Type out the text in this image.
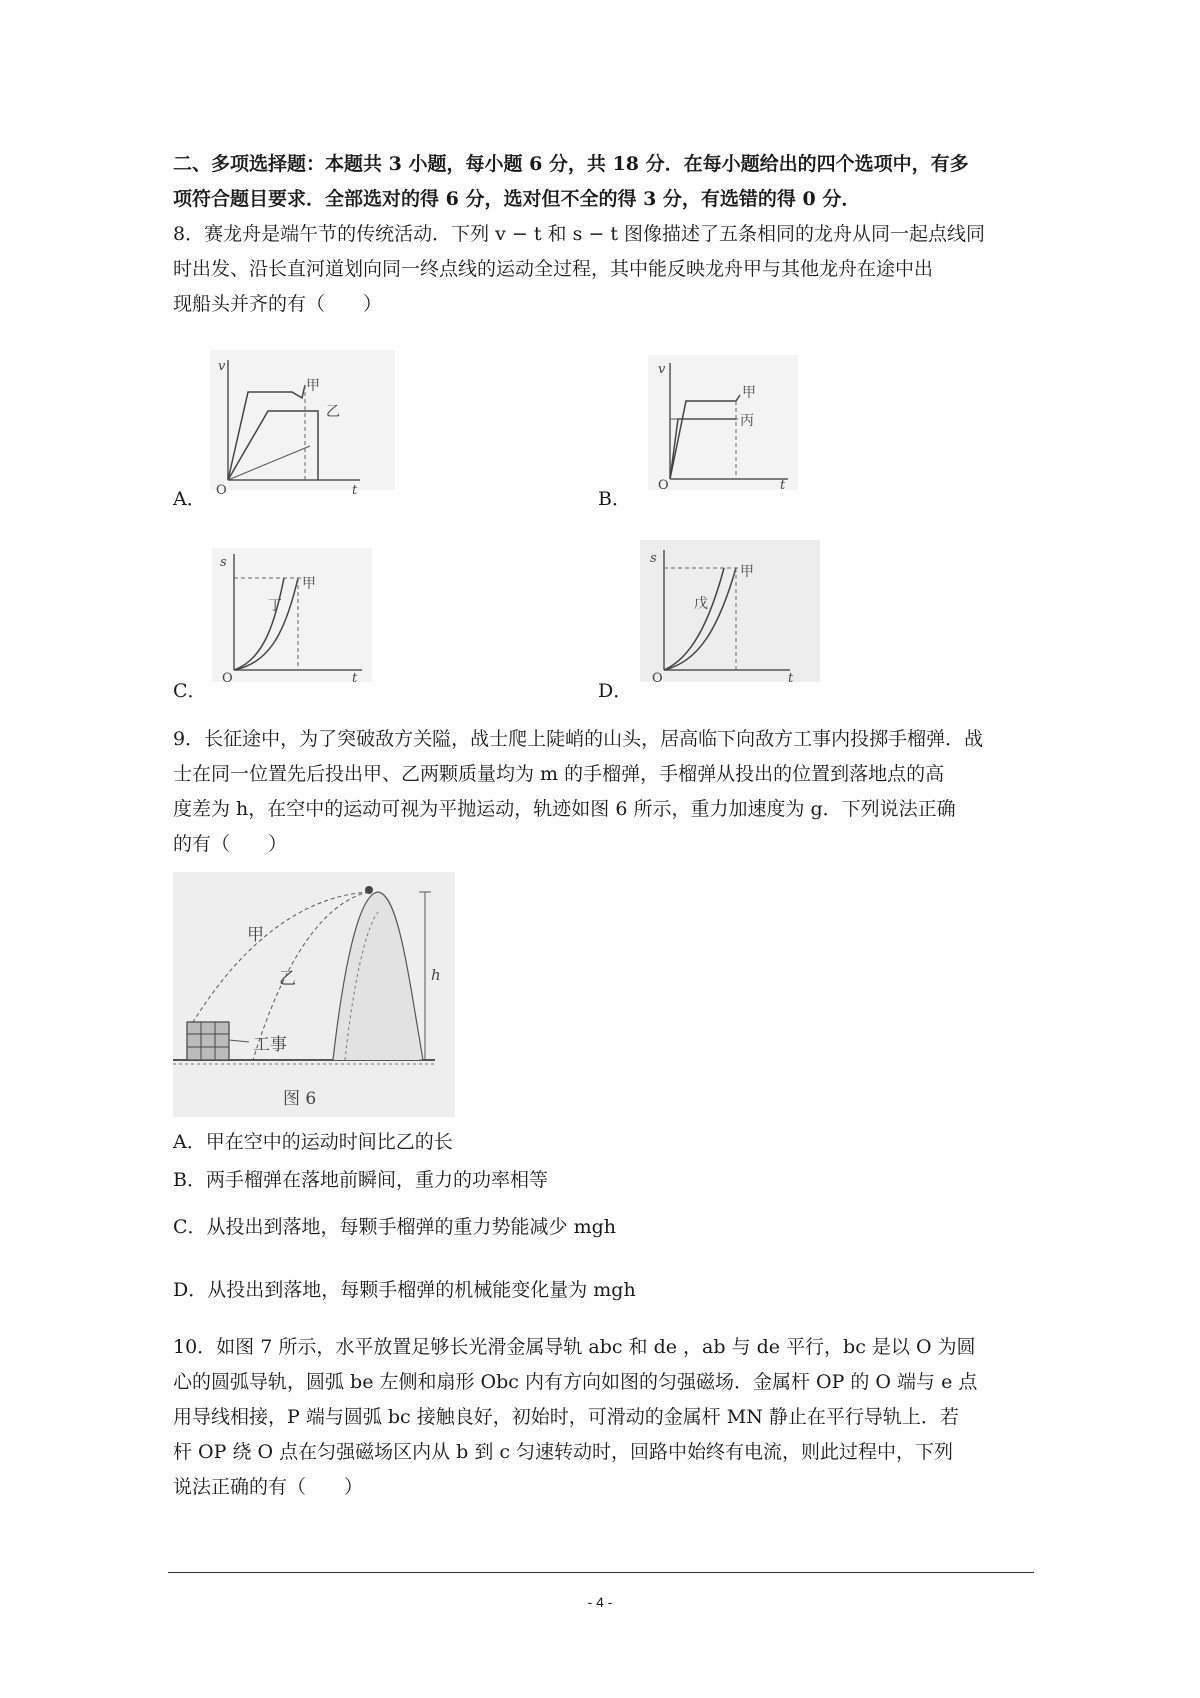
二、多项选择题：本题共 3 小题，每小题 6 分，共 18 分．在每小题给出的四个选项中，有多
项符合题目要求．全部选对的得 6 分，选对但不全的得 3 分，有选错的得 0 分．
8．赛龙舟是端午节的传统活动．下列 v − t 和 s − t 图像描述了五条相同的龙舟从同一起点线同
时出发、沿长直河道划向同一终点线的运动全过程，其中能反映龙舟甲与其他龙舟在途中出
现船头并齐的有（　　）
A．
v
O	t
甲
乙
B．
v
O	t
甲
丙
C．
s
O	t
丁
甲
D．
s
O	t
戊
甲
9．长征途中，为了突破敌方关隘，战士爬上陡峭的山头，居高临下向敌方工事内投掷手榴弹．战
士在同一位置先后投出甲、乙两颗质量均为 m 的手榴弹，手榴弹从投出的位置到落地点的高
度差为 h，在空中的运动可视为平抛运动，轨迹如图 6 所示，重力加速度为 g．下列说法正确
的有（　　）
甲
乙
工事
h
图 6
A．甲在空中的运动时间比乙的长
B．两手榴弹在落地前瞬间，重力的功率相等
C．从投出到落地，每颗手榴弹的重力势能减少 mgh
D．从投出到落地，每颗手榴弹的机械能变化量为 mgh
10．如图 7 所示，水平放置足够长光滑金属导轨 abc 和 de ，ab 与 de 平行，bc 是以 O 为圆
心的圆弧导轨，圆弧 be 左侧和扇形 Obc 内有方向如图的匀强磁场．金属杆 OP 的 O 端与 e 点
用导线相接，P 端与圆弧 bc 接触良好，初始时，可滑动的金属杆 MN 静止在平行导轨上．若
杆 OP 绕 O 点在匀强磁场区内从 b 到 c 匀速转动时，回路中始终有电流，则此过程中，下列
说法正确的有（　　）
- 4 -
